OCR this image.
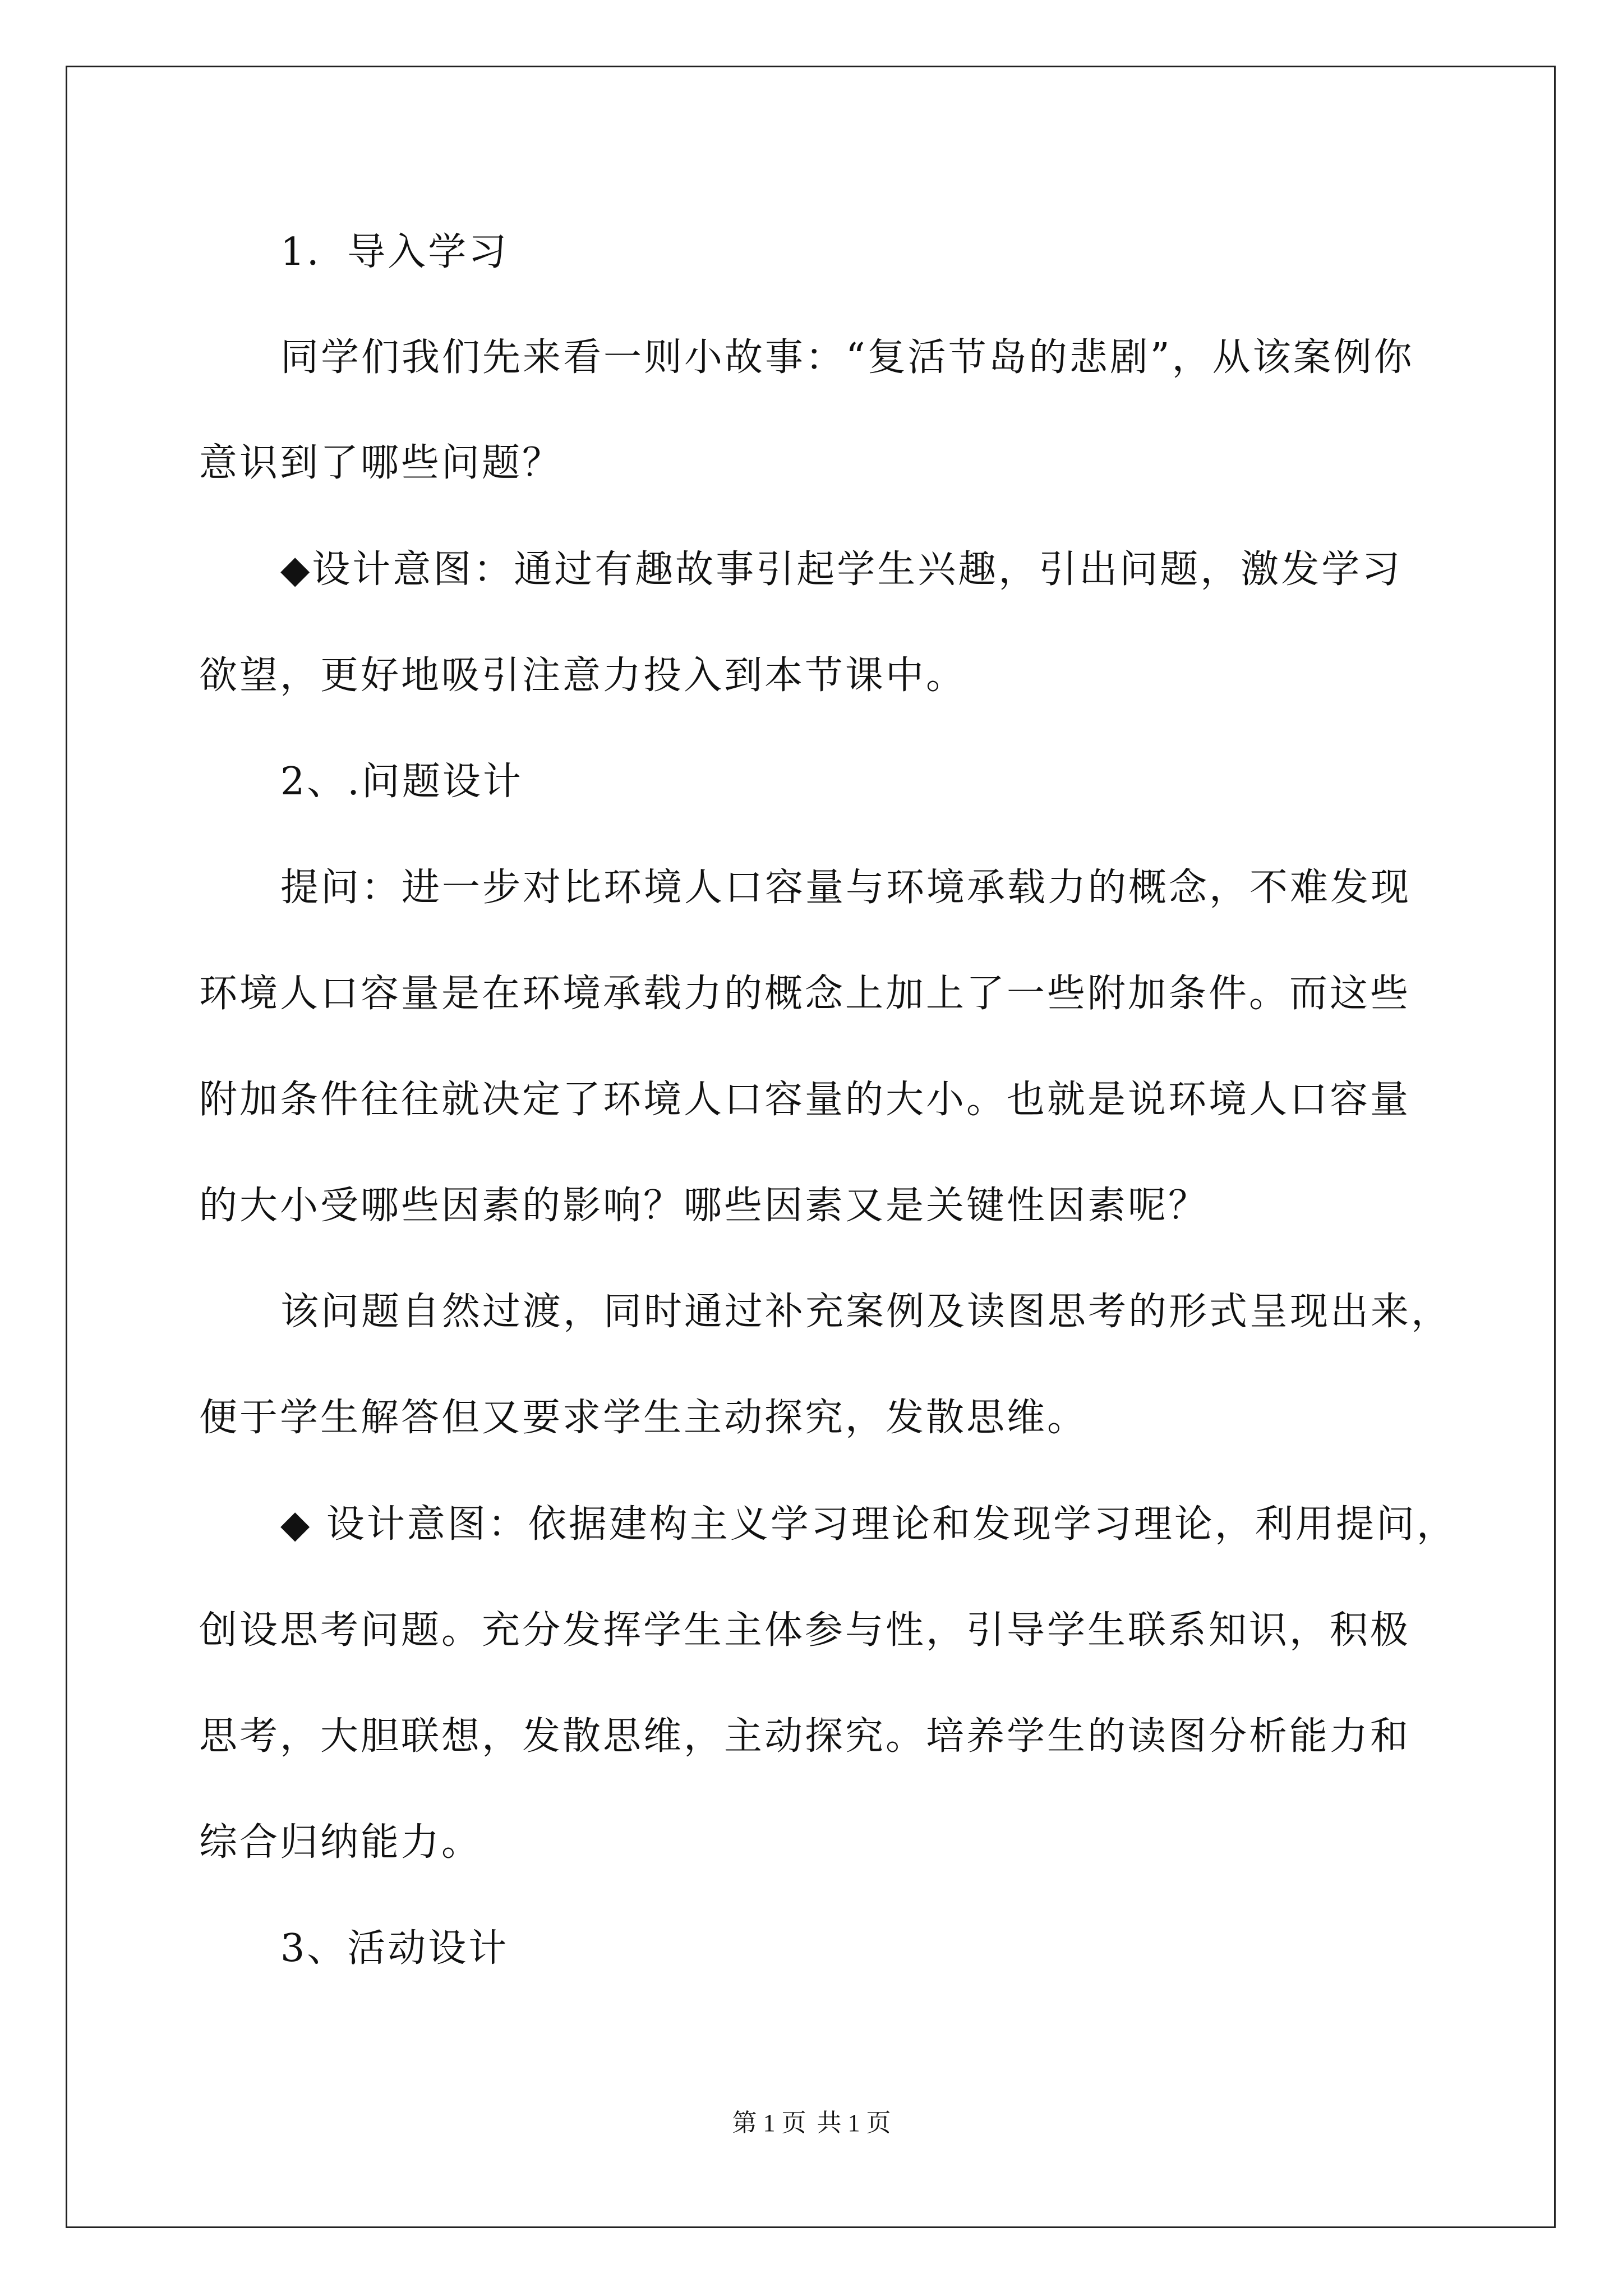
1．导入学习
同学们我们先来看一则小故事：“复活节岛的悲剧”，从该案例你
意识到了哪些问题？
◆设计意图：通过有趣故事引起学生兴趣，引出问题，激发学习
欲望，更好地吸引注意力投入到本节课中。
2、.问题设计
提问：进一步对比环境人口容量与环境承载力的概念，不难发现
环境人口容量是在环境承载力的概念上加上了一些附加条件。而这些
附加条件往往就决定了环境人口容量的大小。也就是说环境人口容量
的大小受哪些因素的影响？哪些因素又是关键性因素呢？
该问题自然过渡，同时通过补充案例及读图思考的形式呈现出来，
便于学生解答但又要求学生主动探究，发散思维。
◆ 设计意图：依据建构主义学习理论和发现学习理论，利用提问，
创设思考问题。充分发挥学生主体参与性，引导学生联系知识，积极
思考，大胆联想，发散思维，主动探究。培养学生的读图分析能力和
综合归纳能力。
3、活动设计
第 1 页 共 1 页
